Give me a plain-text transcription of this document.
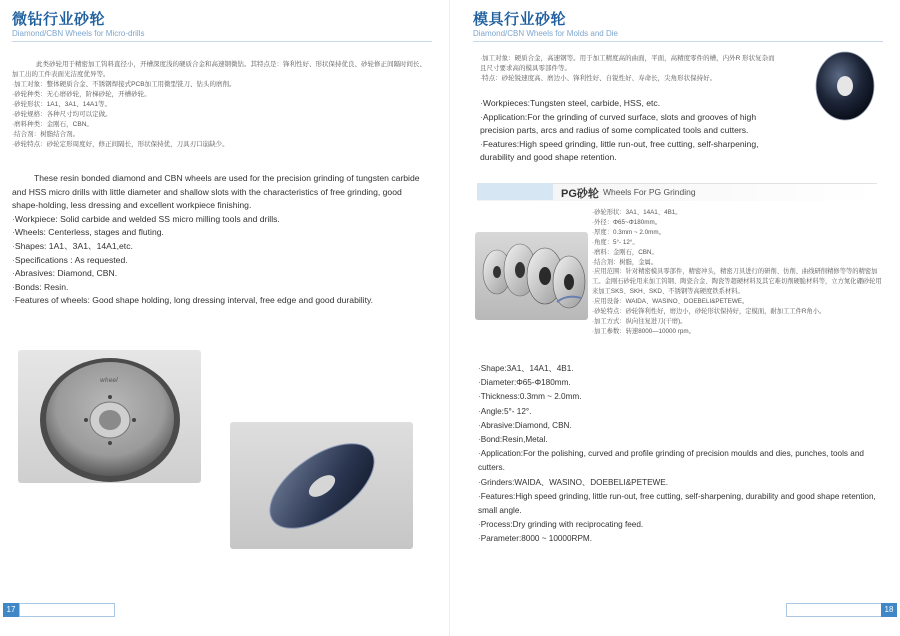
微钻行业砂轮
Diamond/CBN Wheels for Micro-drills
此类砂轮用于精密加工钨料直径小，开槽深度浅的硬质合金和高速钢微钻。其特点是：锋利性好、形状保持优良、砂轮修正间隔时间长、加工出的工件表面光洁度优异等。
· 加工对象：整体硬质合金、不锈钢焊接式PCB加工用微型铣刀、钻头的磨削。
· 砂轮种类：无心磨砂轮，阶梯砂轮，开槽砂轮。
· 砂轮形状：1A1、3A1、14A1等。
· 砂轮规格：各种尺寸均可以定做。
· 磨料种类：金刚石，CBN。
· 结合剂：树脂结合剂。
· 砂轮特点：砂轮定形周度好，修正间隔长，形状保持优，刀具刃口崩缺少。
These resin bonded diamond and CBN wheels are used for the precision grinding of tungsten carbide and HSS micro drills with little diameter and shallow slots with the characteristics of free grinding, good shape-holding, less dressing and excellent workpiece finishing.
· Workpiece: Solid carbide and welded SS micro milling tools and drills.
· Wheels: Centerless, stages and fluting.
· Shapes: 1A1、3A1、14A1,etc.
· Specifications : As requested.
· Abrasives: Diamond, CBN.
· Bonds: Resin.
· Features of wheels: Good shape holding, long dressing interval, free edge and good durability.
wheel
17
模具行业砂轮
Diamond/CBN Wheels for Molds and Die
· 加工对象：硬质合金，高速钢等。用于加工精度高的曲面，平面，高精度零件的槽，内外R 形状复杂而且尺寸要求高的模具零部件等。
· 特点：砂轮锐速度高、磨边小、锋利性好、自锐性好、寿命长，尖角形状保持好。
· Workpieces:Tungsten steel, carbide, HSS, etc.
· Application:For the grinding of curved surface, slots and grooves of high precision parts, arcs and radius of some complicated tools and cutters.
· Features:High speed grinding, little run-out, free cutting, self-sharpening, durability and good shape retention.
PG砂轮 Wheels For PG Grinding
· 砂轮形状：3A1、14A1、4B1。
· 外径：Φ65~Φ180mm。
· 厚度：0.3mm ~ 2.0mm。
· 角度：5°- 12°。
· 磨料：金刚石，CBN。
· 结合剂：树脂，金属。
· 应用范围：针对精密模具零部件，精密冲头，精密刀具进行的研削、仿削、曲线研削精修等等的精密加工。金刚石砂轮用来加工钨钢、陶瓷合金、陶瓷等超硬材料及其它难切削硬脆材料等，立方氮化硼砂轮用来加工SKS、SKH、SKD、不锈钢等高硬度铁系材料。
· 应用设备：WAIDA、WASINO、DOEBELI&PETEWE。
· 砂轮特点：砂轮锋利性好，磨边小，砂轮形状保持好，定模面，耐加工工件R角小。
· 加工方式：纵向往复进刀(干磨)。
· 加工参数：转速8000—10000 rpm。
· Shape:3A1、14A1、4B1.
· Diameter:Φ65-Φ180mm.
· Thickness:0.3mm ~ 2.0mm.
· Angle:5°- 12°.
· Abrasive:Diamond, CBN.
· Bond:Resin,Metal.
· Application:For the polishing, curved and profile grinding of precision moulds and dies, punches, tools and cutters.
· Grinders:WAIDA、WASINO、DOEBELI&PETEWE.
· Features:High speed grinding, little run-out, free cutting, self-sharpening, durability and good shape retention, small angle.
· Process:Dry grinding with reciprocating feed.
· Parameter:8000 ~ 10000RPM.
18
